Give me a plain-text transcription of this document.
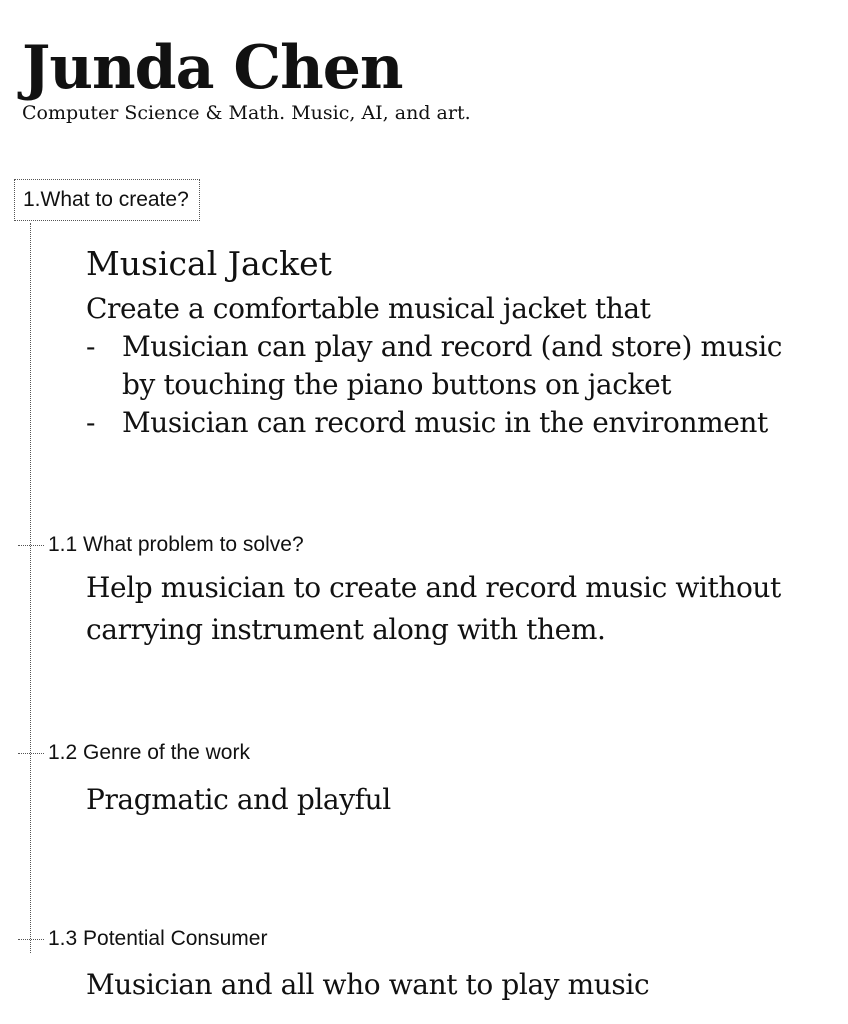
Junda Chen
Computer Science & Math. Music, AI, and art.
1.What to create?
Musical Jacket
Create a comfortable musical jacket that
- Musician can play and record (and store) music
by touching the piano buttons on jacket
- Musician can record music in the environment
1.1 What problem to solve?
Help musician to create and record music without
carrying instrument along with them.
1.2 Genre of the work
Pragmatic and playful
1.3 Potential Consumer
Musician and all who want to play music
